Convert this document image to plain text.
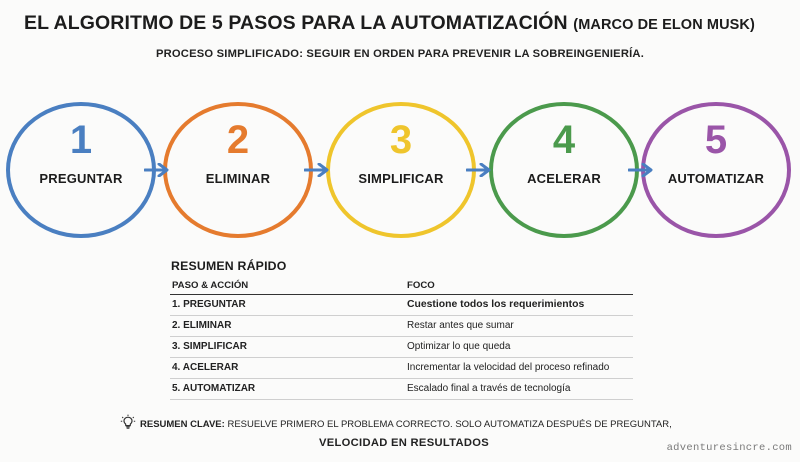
EL ALGORITMO DE 5 PASOS PARA LA AUTOMATIZACIÓN (MARCO DE ELON MUSK)
PROCESO SIMPLIFICADO: SEGUIR EN ORDEN PARA PREVENIR LA SOBREINGENIERÍA.
1
PREGUNTAR
2
ELIMINAR
3
SIMPLIFICAR
4
ACELERAR
5
AUTOMATIZAR
RESUMEN RÁPIDO
PASO & ACCIÓN	FOCO
1. PREGUNTAR	Cuestione todos los requerimientos
2. ELIMINAR	Restar antes que sumar
3. SIMPLIFICAR	Optimizar lo que queda
4. ACELERAR	Incrementar la velocidad del proceso refinado
5. AUTOMATIZAR	Escalado final a través de tecnología
RESUMEN CLAVE: RESUELVE PRIMERO EL PROBLEMA CORRECTO. SOLO AUTOMATIZA DESPUÉS DE PREGUNTAR,
VELOCIDAD EN RESULTADOS	adventuresincre.com
